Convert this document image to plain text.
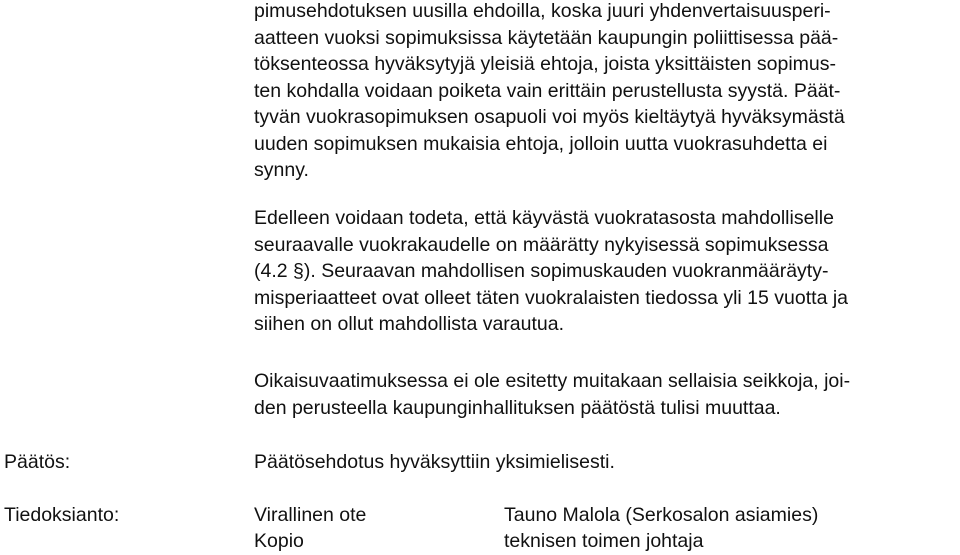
pimusehdotuksen uusilla ehdoilla, koska juuri yhdenvertaisuusperi-
aatteen vuoksi sopimuksissa käytetään kaupungin poliittisessa pää-
töksenteossa hyväksytyjä yleisiä ehtoja, joista yksittäisten sopimus-
ten kohdalla voidaan poiketa vain erittäin perustellusta syystä. Päät-
tyvän vuokrasopimuksen osapuoli voi myös kieltäytyä hyväksymästä
uuden sopimuksen mukaisia ehtoja, jolloin uutta vuokrasuhdetta ei
synny.
Edelleen voidaan todeta, että käyvästä vuokratasosta mahdolliselle
seuraavalle vuokrakaudelle on määrätty nykyisessä sopimuksessa
(4.2 §). Seuraavan mahdollisen sopimuskauden vuokranmääräyty-
misperiaatteet ovat olleet täten vuokralaisten tiedossa yli 15 vuotta ja
siihen on ollut mahdollista varautua.
Oikaisuvaatimuksessa ei ole esitetty muitakaan sellaisia seikkoja, joi-
den perusteella kaupunginhallituksen päätöstä tulisi muuttaa.
Päätös:	Päätösehdotus hyväksyttiin yksimielisesti.
Tiedoksianto:	Virallinen ote	Tauno Malola (Serkosalon asiamies)
Kopio	teknisen toimen johtaja
